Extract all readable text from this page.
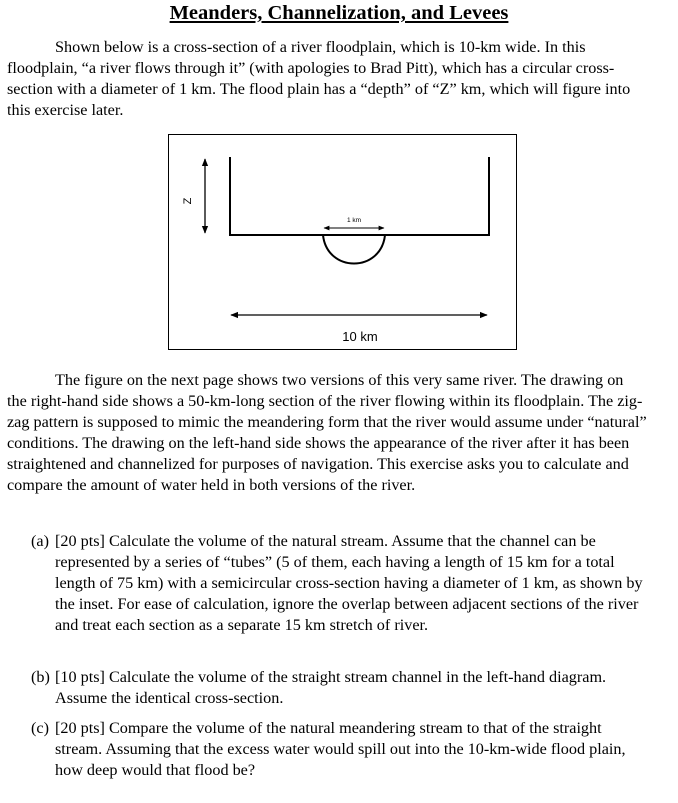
Meanders, Channelization, and Levees

Shown below is a cross-section of a river floodplain, which is 10-km wide. In this floodplain, “a river flows through it” (with apologies to Brad Pitt), which has a circular cross-section with a diameter of 1 km. The flood plain has a “depth” of “Z” km, which will figure into this exercise later.

Z
1 km
10 km

The figure on the next page shows two versions of this very same river. The drawing on the right-hand side shows a 50-km-long section of the river flowing within its floodplain. The zig-zag pattern is supposed to mimic the meandering form that the river would assume under “natural” conditions. The drawing on the left-hand side shows the appearance of the river after it has been straightened and channelized for purposes of navigation. This exercise asks you to calculate and compare the amount of water held in both versions of the river.

(a) [20 pts] Calculate the volume of the natural stream. Assume that the channel can be represented by a series of “tubes” (5 of them, each having a length of 15 km for a total length of 75 km) with a semicircular cross-section having a diameter of 1 km, as shown by the inset. For ease of calculation, ignore the overlap between adjacent sections of the river and treat each section as a separate 15 km stretch of river.
(b) [10 pts] Calculate the volume of the straight stream channel in the left-hand diagram. Assume the identical cross-section.
(c) [20 pts] Compare the volume of the natural meandering stream to that of the straight stream. Assuming that the excess water would spill out into the 10-km-wide flood plain, how deep would that flood be?
